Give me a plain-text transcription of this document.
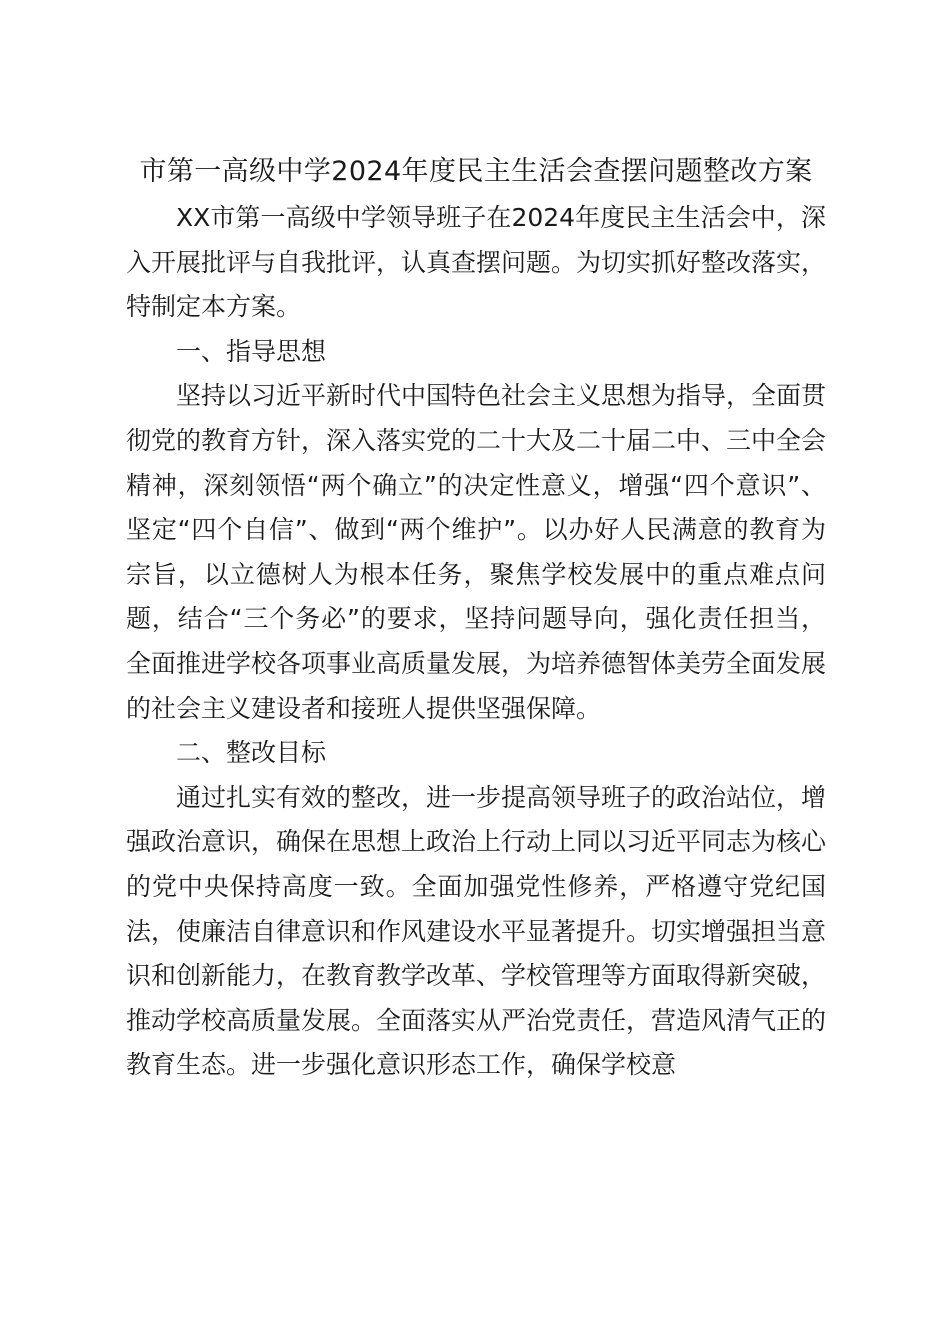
市第一高级中学2024年度民主生活会查摆问题整改方案

XX市第一高级中学领导班子在2024年度民主生活会中，深入开展批评与自我批评，认真查摆问题。为切实抓好整改落实，特制定本方案。

一、指导思想

坚持以习近平新时代中国特色社会主义思想为指导，全面贯彻党的教育方针，深入落实党的二十大及二十届二中、三中全会精神，深刻领悟“两个确立”的决定性意义，增强“四个意识”、坚定“四个自信”、做到“两个维护”。以办好人民满意的教育为宗旨，以立德树人为根本任务，聚焦学校发展中的重点难点问题，结合“三个务必”的要求，坚持问题导向，强化责任担当，全面推进学校各项事业高质量发展，为培养德智体美劳全面发展的社会主义建设者和接班人提供坚强保障。

二、整改目标

通过扎实有效的整改，进一步提高领导班子的政治站位，增强政治意识，确保在思想上政治上行动上同以习近平同志为核心的党中央保持高度一致。全面加强党性修养，严格遵守党纪国法，使廉洁自律意识和作风建设水平显著提升。切实增强担当意识和创新能力，在教育教学改革、学校管理等方面取得新突破，推动学校高质量发展。全面落实从严治党责任，营造风清气正的教育生态。进一步强化意识形态工作，确保学校意
